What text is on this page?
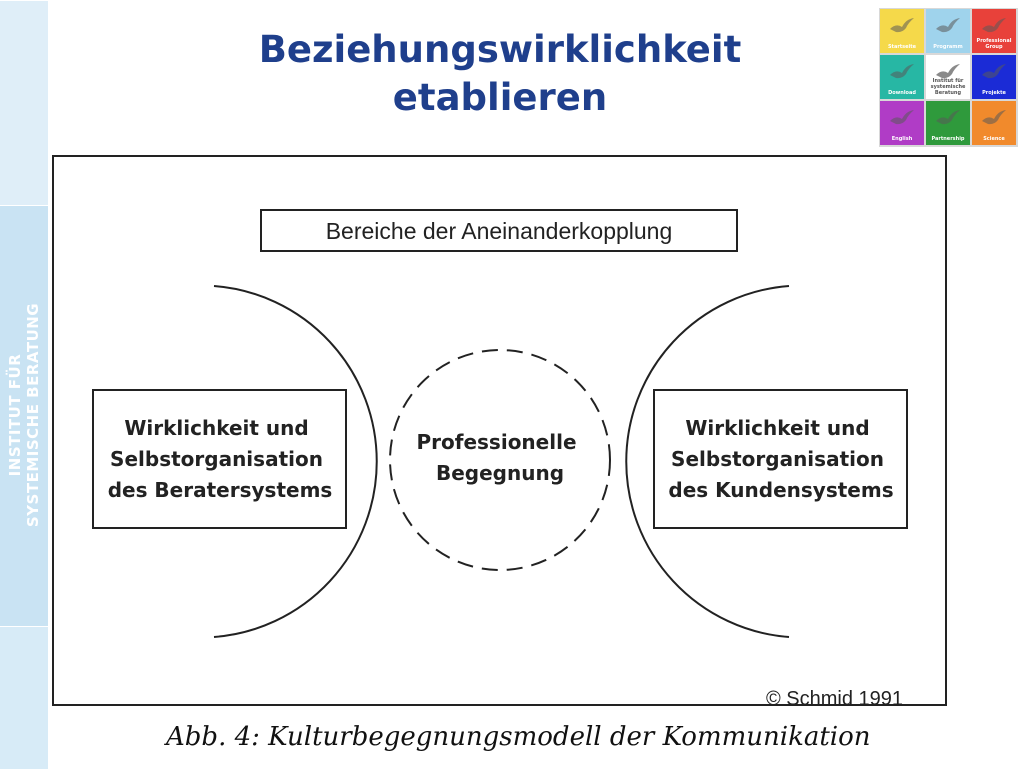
INSTITUT FÜR SYSTEMISCHE BERATUNG
Beziehungswirklichkeit
etablieren
Startseite	Programm
Professional Group
Download
Institut für systemische Beratung	Projekte
English	Partnership	Science
Bereiche der Aneinanderkopplung
Wirklichkeit und Selbstorganisation des Beratersystems
Professionelle Begegnung
Wirklichkeit und Selbstorganisation des Kundensystems
© Schmid 1991
Abb. 4: Kulturbegegnungsmodell der Kommunikation
